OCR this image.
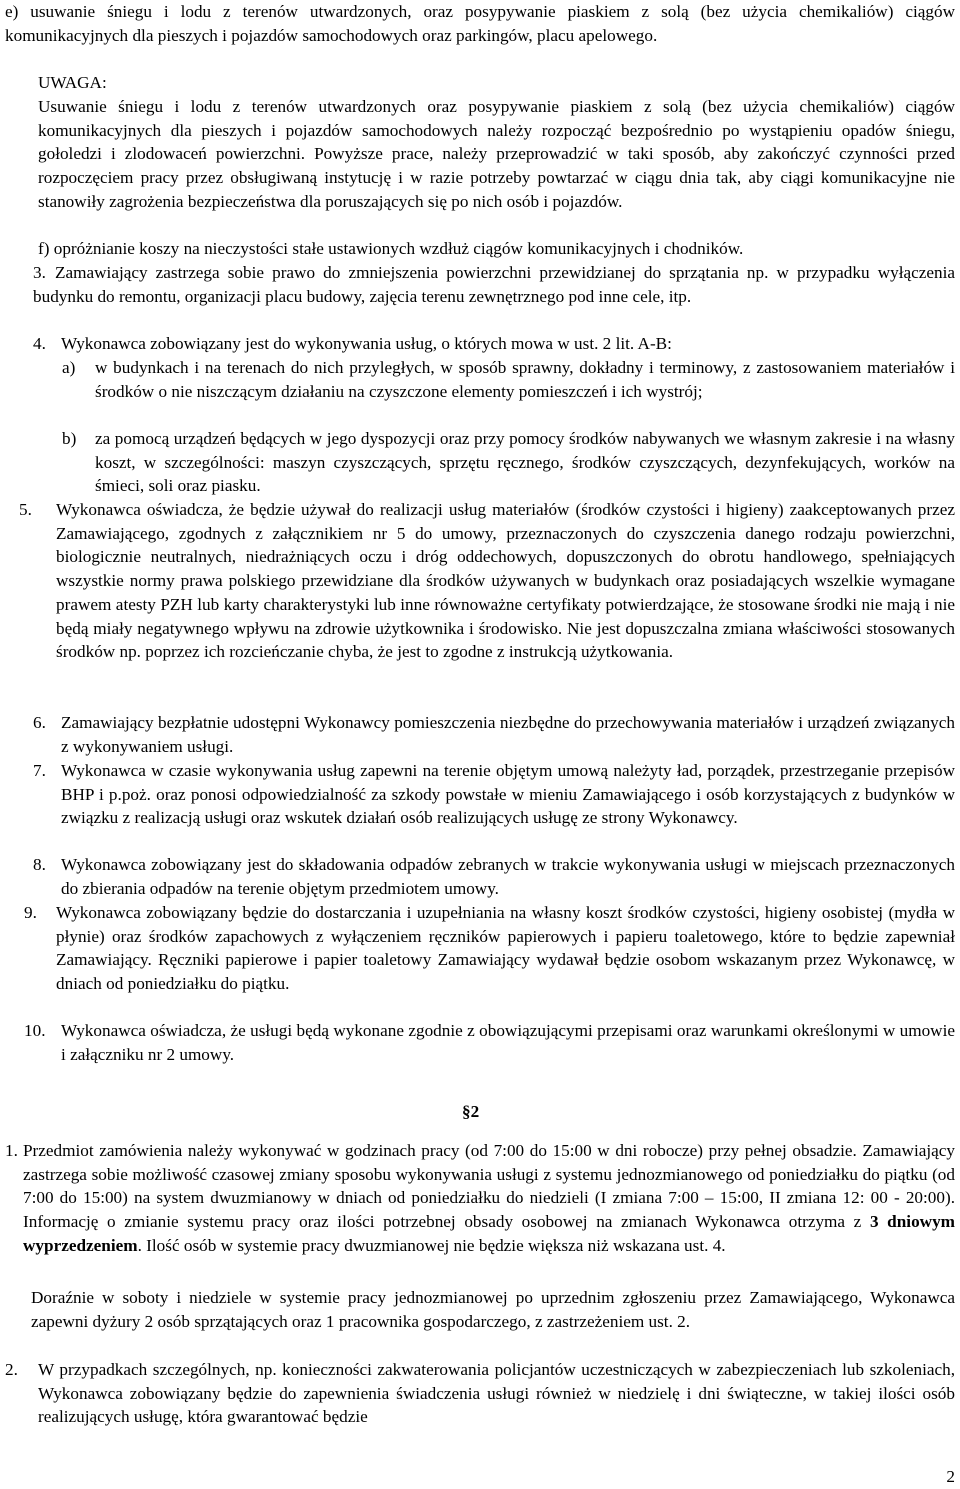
e) usuwanie śniegu i lodu z terenów utwardzonych, oraz posypywanie piaskiem z solą (bez użycia chemikaliów) ciągów komunikacyjnych dla pieszych i pojazdów samochodowych oraz parkingów, placu apelowego.

UWAGA:

Usuwanie śniegu i lodu z terenów utwardzonych oraz posypywanie piaskiem z solą (bez użycia chemikaliów) ciągów komunikacyjnych dla pieszych i pojazdów samochodowych należy rozpocząć bezpośrednio po wystąpieniu opadów śniegu, gołoledzi i zlodowaceń powierzchni. Powyższe prace, należy przeprowadzić w taki sposób, aby zakończyć czynności przed rozpoczęciem pracy przez obsługiwaną instytucję i w razie potrzeby powtarzać w ciągu dnia tak, aby ciągi komunikacyjne nie stanowiły zagrożenia bezpieczeństwa dla poruszających się po nich osób i pojazdów.

f) opróżnianie koszy na nieczystości stałe ustawionych wzdłuż ciągów komunikacyjnych i chodników.

3. Zamawiający zastrzega sobie prawo do zmniejszenia powierzchni przewidzianej do sprzątania np. w przypadku wyłączenia budynku do remontu, organizacji placu budowy, zajęcia terenu zewnętrznego pod inne cele, itp.

4. Wykonawca zobowiązany jest do wykonywania usług, o których mowa w ust. 2 lit. A-B:

a)	w budynkach i na terenach do nich przyległych, w sposób sprawny, dokładny i terminowy, z zastosowaniem materiałów i środków o nie niszczącym działaniu na czyszczone elementy pomieszczeń i ich wystrój;

b)	za pomocą urządzeń będących w jego dyspozycji oraz przy pomocy środków nabywanych we własnym zakresie i na własny koszt, w szczególności: maszyn czyszczących, sprzętu ręcznego, środków czyszczących, dezynfekujących, worków na śmieci, soli oraz piasku.

5.	Wykonawca oświadcza, że będzie używał do realizacji usług materiałów (środków czystości i higieny) zaakceptowanych przez Zamawiającego, zgodnych z załącznikiem nr 5 do umowy, przeznaczonych do czyszczenia danego rodzaju powierzchni, biologicznie neutralnych, niedrażniących oczu i dróg oddechowych, dopuszczonych do obrotu handlowego, spełniających wszystkie normy prawa polskiego przewidziane dla środków używanych w budynkach oraz posiadających wszelkie wymagane prawem atesty PZH lub karty charakterystyki lub inne równoważne certyfikaty potwierdzające, że stosowane środki nie mają i nie będą miały negatywnego wpływu na zdrowie użytkownika i środowisko. Nie jest dopuszczalna zmiana właściwości stosowanych środków np. poprzez ich rozcieńczanie chyba, że jest to zgodne z instrukcją użytkowania.

6. Zamawiający bezpłatnie udostępni Wykonawcy pomieszczenia niezbędne do przechowywania materiałów i urządzeń związanych z wykonywaniem usługi.

7. Wykonawca w czasie wykonywania usług zapewni na terenie objętym umową należyty ład, porządek, przestrzeganie przepisów BHP i p.poż. oraz ponosi odpowiedzialność za szkody powstałe w mieniu Zamawiającego i osób korzystających z budynków w związku z realizacją usługi oraz wskutek działań osób realizujących usługę ze strony Wykonawcy.

8. Wykonawca zobowiązany jest do składowania odpadów zebranych w trakcie wykonywania usługi w miejscach przeznaczonych do zbierania odpadów na terenie objętym przedmiotem umowy.

9.	Wykonawca zobowiązany będzie do dostarczania i uzupełniania na własny koszt środków czystości, higieny osobistej (mydła w płynie) oraz środków zapachowych z wyłączeniem ręczników papierowych i papieru toaletowego, które to będzie zapewniał Zamawiający. Ręczniki papierowe i papier toaletowy Zamawiający wydawał będzie osobom wskazanym przez Wykonawcę, w dniach od poniedziałku do piątku.

10. Wykonawca oświadcza, że usługi będą wykonane zgodnie z obowiązującymi przepisami oraz warunkami określonymi w umowie i załączniku nr 2 umowy.

§2
1. Przedmiot zamówienia należy wykonywać w godzinach pracy (od 7:00 do 15:00 w dni robocze) przy pełnej obsadzie. Zamawiający zastrzega sobie możliwość czasowej zmiany sposobu wykonywania usługi z systemu jednozmianowego od poniedziałku do piątku (od 7:00 do 15:00) na system dwuzmianowy w dniach od poniedziałku do niedzieli (I zmiana 7:00 – 15:00, II zmiana 12: 00 - 20:00). Informację o zmianie systemu pracy oraz ilości potrzebnej obsady osobowej na zmianach Wykonawca otrzyma z 3 dniowym wyprzedzeniem. Ilość osób w systemie pracy dwuzmianowej nie będzie większa niż wskazana ust. 4.

Doraźnie w soboty i niedziele w systemie pracy jednozmianowej po uprzednim zgłoszeniu przez Zamawiającego, Wykonawca zapewni dyżury 2 osób sprzątających oraz 1 pracownika gospodarczego, z zastrzeżeniem ust. 2.

2.	W przypadkach szczególnych, np. konieczności zakwaterowania policjantów uczestniczących w zabezpieczeniach lub szkoleniach, Wykonawca zobowiązany będzie do zapewnienia świadczenia usługi również w niedzielę i dni świąteczne, w takiej ilości osób realizujących usługę, która gwarantować będzie

2
